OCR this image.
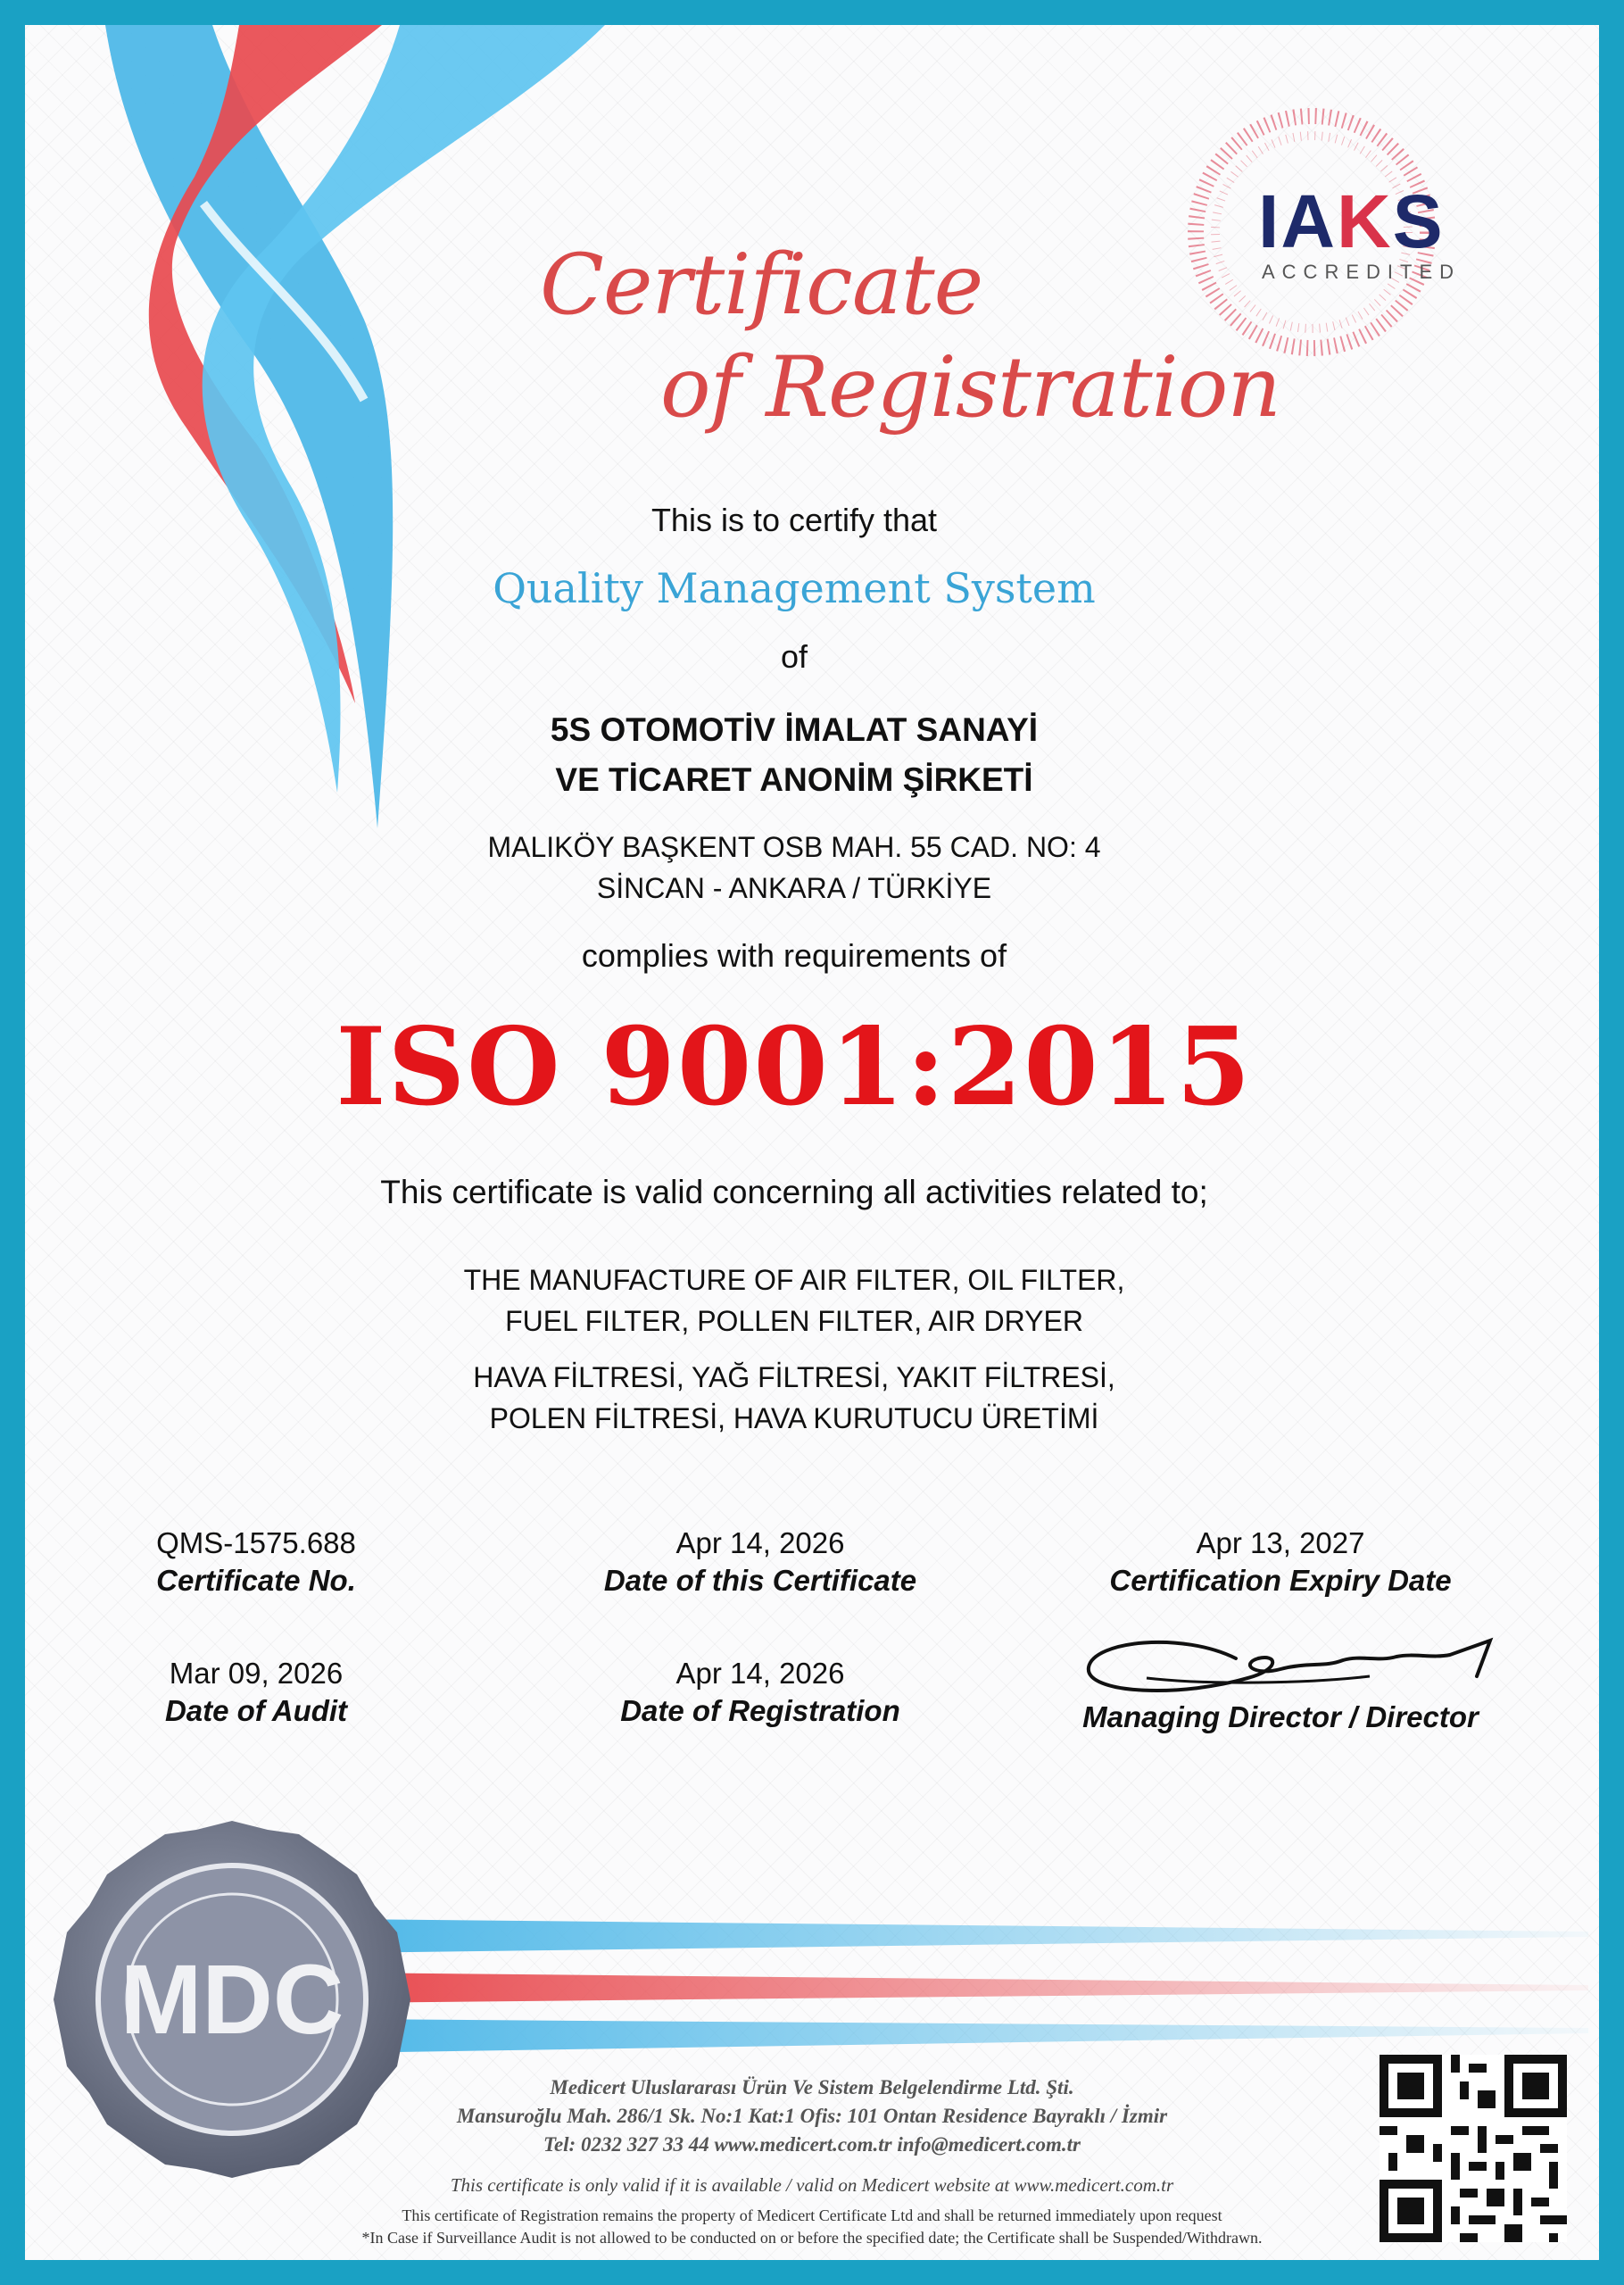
IAKS
ACCREDITED
Certificate
of Registration
This is to certify that
Quality Management System
of
5S OTOMOTİV İMALAT SANAYİ
VE TİCARET ANONİM ŞİRKETİ
MALIKÖY BAŞKENT OSB MAH. 55 CAD. NO: 4
SİNCAN - ANKARA / TÜRKİYE
complies with requirements of
ISO 9001:2015
This certificate is valid concerning all activities related to;
THE MANUFACTURE OF AIR FILTER, OIL FILTER,
FUEL FILTER, POLLEN FILTER, AIR DRYER
HAVA FİLTRESİ, YAĞ FİLTRESİ, YAKIT FİLTRESİ,
POLEN FİLTRESİ, HAVA KURUTUCU ÜRETİMİ
QMS-1575.688
Certificate No.
Apr 14, 2026
Date of this Certificate
Apr 13, 2027
Certification Expiry Date
Mar 09, 2026
Date of Audit
Apr 14, 2026
Date of Registration	Managing Director / Director
MDC
Medicert Uluslararası Ürün Ve Sistem Belgelendirme Ltd. Şti.
Mansuroğlu Mah. 286/1 Sk. No:1 Kat:1 Ofis: 101 Ontan Residence Bayraklı / İzmir
Tel: 0232 327 33 44 www.medicert.com.tr info@medicert.com.tr
This certificate is only valid if it is available / valid on Medicert website at www.medicert.com.tr
This certificate of Registration remains the property of Medicert Certificate Ltd and shall be returned immediately upon request
*In Case if Surveillance Audit is not allowed to be conducted on or before the specified date; the Certificate shall be Suspended/Withdrawn.
